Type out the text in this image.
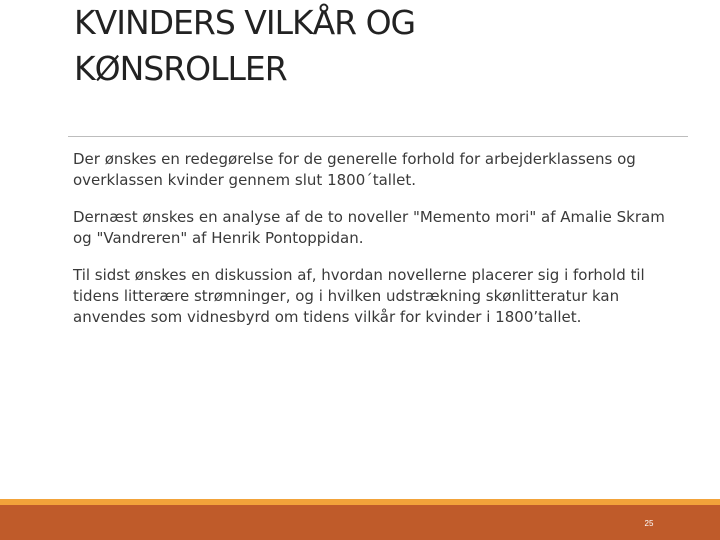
KVINDERS VILKÅR OG
KØNSROLLER

Der ønskes en redegørelse for de generelle forhold for arbejderklassens og overklassen kvinder gennem slut 1800´tallet.

Dernæst ønskes en analyse af de to noveller "Memento mori" af Amalie Skram og "Vandreren" af Henrik Pontoppidan.

Til sidst ønskes en diskussion af, hvordan novellerne placerer sig i forhold til tidens litterære strømninger, og i hvilken udstrækning skønlitteratur kan anvendes som vidnesbyrd om tidens vilkår for kvinder i 1800’tallet.

25
